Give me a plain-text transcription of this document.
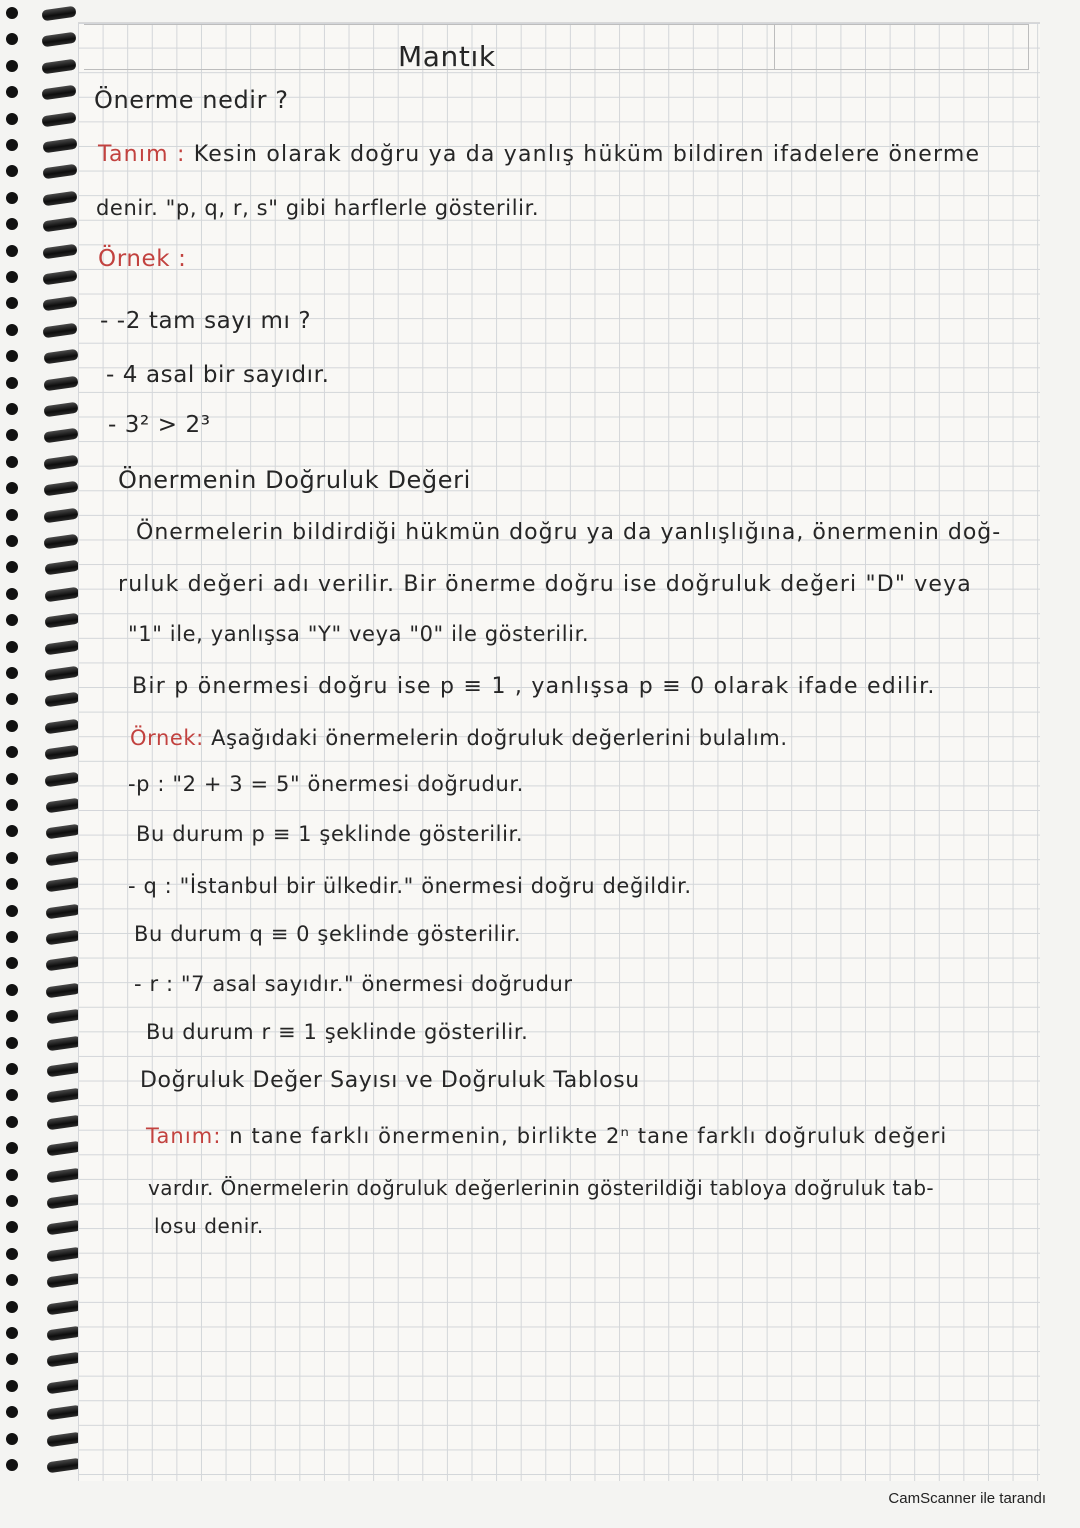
Mantık
Önerme nedir ?
Tanım : Kesin olarak doğru ya da yanlış hüküm bildiren ifadelere önerme
denir. "p, q, r, s" gibi harflerle gösterilir.
Örnek :
- -2 tam sayı mı ?
- 4 asal bir sayıdır.
- 3² > 2³
Önermenin Doğruluk Değeri
Önermelerin bildirdiği hükmün doğru ya da yanlışlığına, önermenin doğ-
ruluk değeri adı verilir. Bir önerme doğru ise doğruluk değeri "D" veya
"1" ile, yanlışsa "Y" veya "0" ile gösterilir.
Bir p önermesi doğru ise p ≡ 1 , yanlışsa p ≡ 0 olarak ifade edilir.
Örnek: Aşağıdaki önermelerin doğruluk değerlerini bulalım.
-p : "2 + 3 = 5" önermesi doğrudur.
Bu durum p ≡ 1 şeklinde gösterilir.
- q : "İstanbul bir ülkedir." önermesi doğru değildir.
Bu durum q ≡ 0 şeklinde gösterilir.
- r : "7 asal sayıdır." önermesi doğrudur
Bu durum r ≡ 1 şeklinde gösterilir.
Doğruluk Değer Sayısı ve Doğruluk Tablosu
Tanım: n tane farklı önermenin, birlikte 2ⁿ tane farklı doğruluk değeri
vardır. Önermelerin doğruluk değerlerinin gösterildiği tabloya doğruluk tab-
losu denir.
CamScanner ile tarandı
